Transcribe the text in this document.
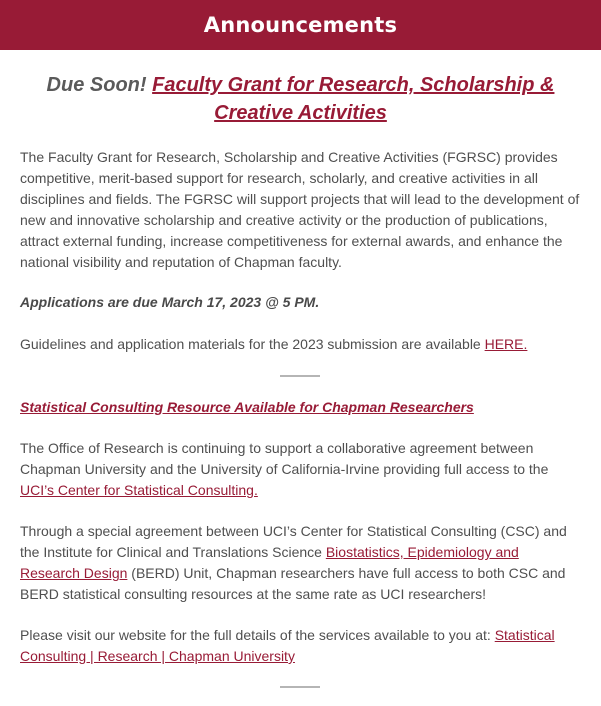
Announcements
Due Soon! Faculty Grant for Research, Scholarship & Creative Activities

The Faculty Grant for Research, Scholarship and Creative Activities (FGRSC) provides competitive, merit-based support for research, scholarly, and creative activities in all disciplines and fields. The FGRSC will support projects that will lead to the development of new and innovative scholarship and creative activity or the production of publications, attract external funding, increase competitiveness for external awards, and enhance the national visibility and reputation of Chapman faculty.

Applications are due March 17, 2023 @ 5 PM.

Guidelines and application materials for the 2023 submission are available HERE.

Statistical Consulting Resource Available for Chapman Researchers

The Office of Research is continuing to support a collaborative agreement between Chapman University and the University of California-Irvine providing full access to the UCI’s Center for Statistical Consulting.

Through a special agreement between UCI’s Center for Statistical Consulting (CSC) and the Institute for Clinical and Translations Science Biostatistics, Epidemiology and Research Design (BERD) Unit, Chapman researchers have full access to both CSC and BERD statistical consulting resources at the same rate as UCI researchers!

Please visit our website for the full details of the services available to you at: Statistical Consulting | Research | Chapman University
